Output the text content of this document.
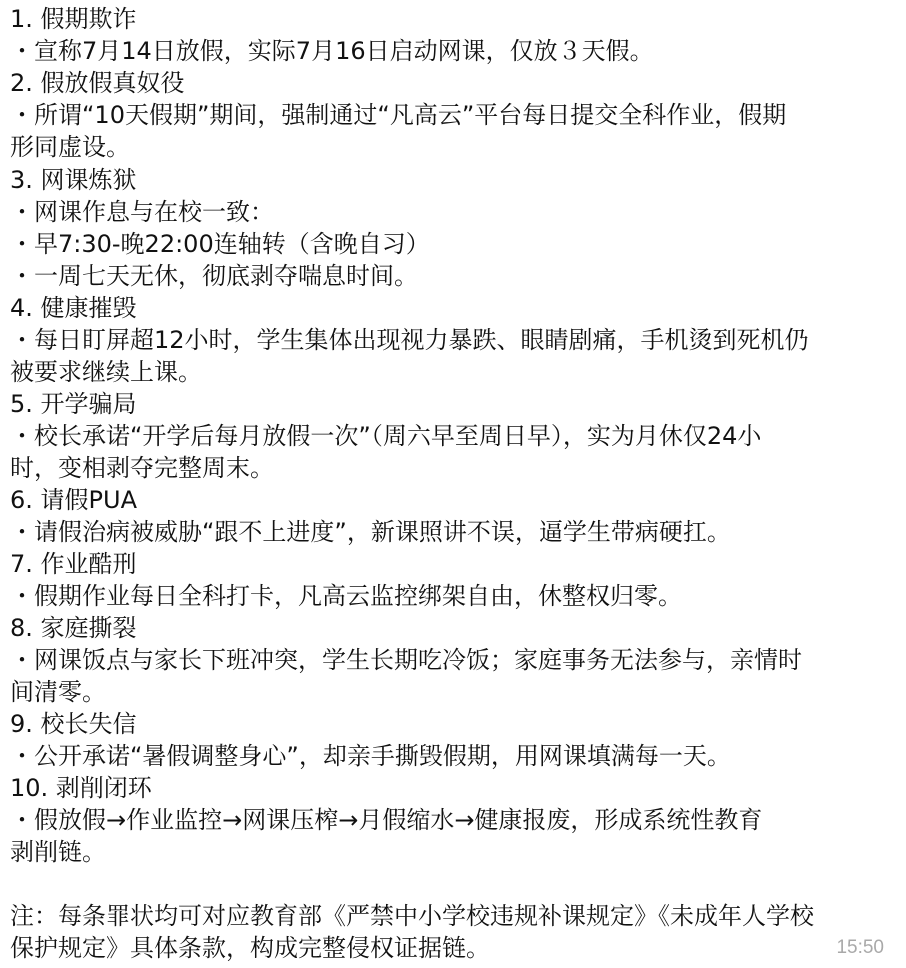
1. 假期欺诈
・宣称7月14日放假，实际7月16日启动网课，仅放３天假。
2. 假放假真奴役
・所谓“10天假期”期间，强制通过“凡高云”平台每日提交全科作业，假期
形同虚设。
3. 网课炼狱
・网课作息与在校一致：
・早7:30-晚22:00连轴转（含晚自习）
・一周七天无休，彻底剥夺喘息时间。
4. 健康摧毁
・每日盯屏超12小时，学生集体出现视力暴跌、眼睛剧痛，手机烫到死机仍
被要求继续上课。
5. 开学骗局
・校长承诺“开学后每月放假一次”（周六早至周日早），实为月休仅24小
时，变相剥夺完整周末。
6. 请假PUA
・请假治病被威胁“跟不上进度”，新课照讲不误，逼学生带病硬扛。
7. 作业酷刑
・假期作业每日全科打卡，凡高云监控绑架自由，休整权归零。
8. 家庭撕裂
・网课饭点与家长下班冲突，学生长期吃冷饭；家庭事务无法参与，亲情时
间清零。
9. 校长失信
・公开承诺“暑假调整身心”，却亲手撕毁假期，用网课填满每一天。
10. 剥削闭环
・假放假→作业监控→网课压榨→月假缩水→健康报废，形成系统性教育
剥削链。
注：每条罪状均可对应教育部《严禁中小学校违规补课规定》《未成年人学校
保护规定》具体条款，构成完整侵权证据链。	15:50
